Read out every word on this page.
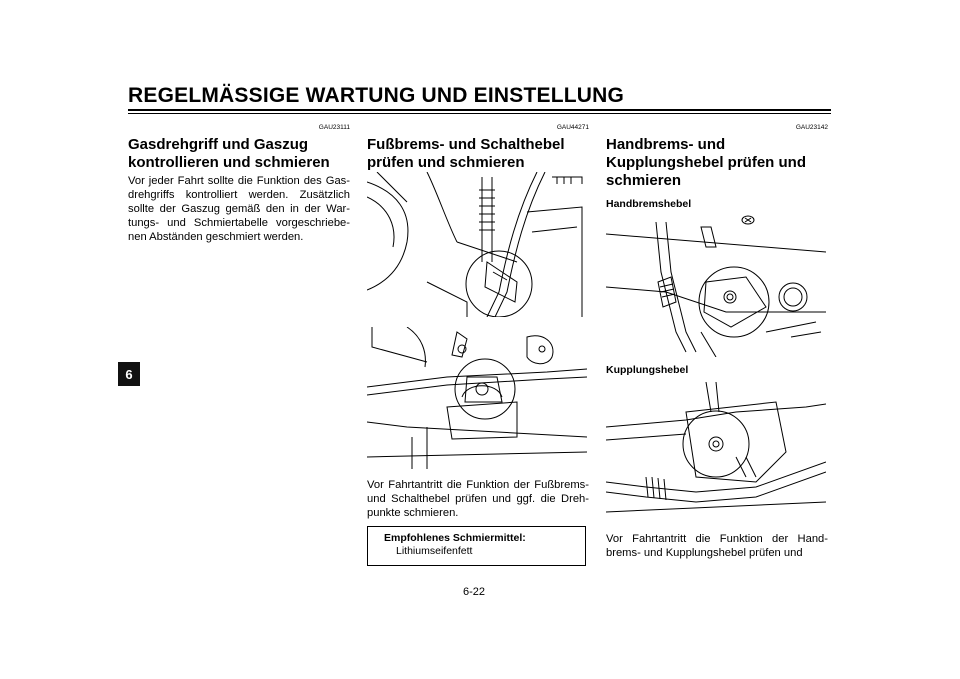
REGELMÄSSIGE WARTUNG UND EINSTELLUNG
6
GAU23111
Gasdrehgriff und Gaszug kontrollieren und schmieren
Vor jeder Fahrt sollte die Funktion des Gas-drehgriffs kontrolliert werden. Zusätzlich sollte der Gaszug gemäß den in der War-tungs- und Schmiertabelle vorgeschriebe-nen Abständen geschmiert werden.
GAU44271
Fußbrems- und Schalthebel prüfen und schmieren
Vor Fahrtantritt die Funktion der Fußbrems- und Schalthebel prüfen und ggf. die Dreh-punkte schmieren.
Empfohlenes Schmiermittel:
Lithiumseifenfett
GAU23142
Handbrems- und Kupplungshebel prüfen und schmieren
Handbremshebel
Kupplungshebel
Vor Fahrtantritt die Funktion der Hand-brems- und Kupplungshebel prüfen und
6-22
